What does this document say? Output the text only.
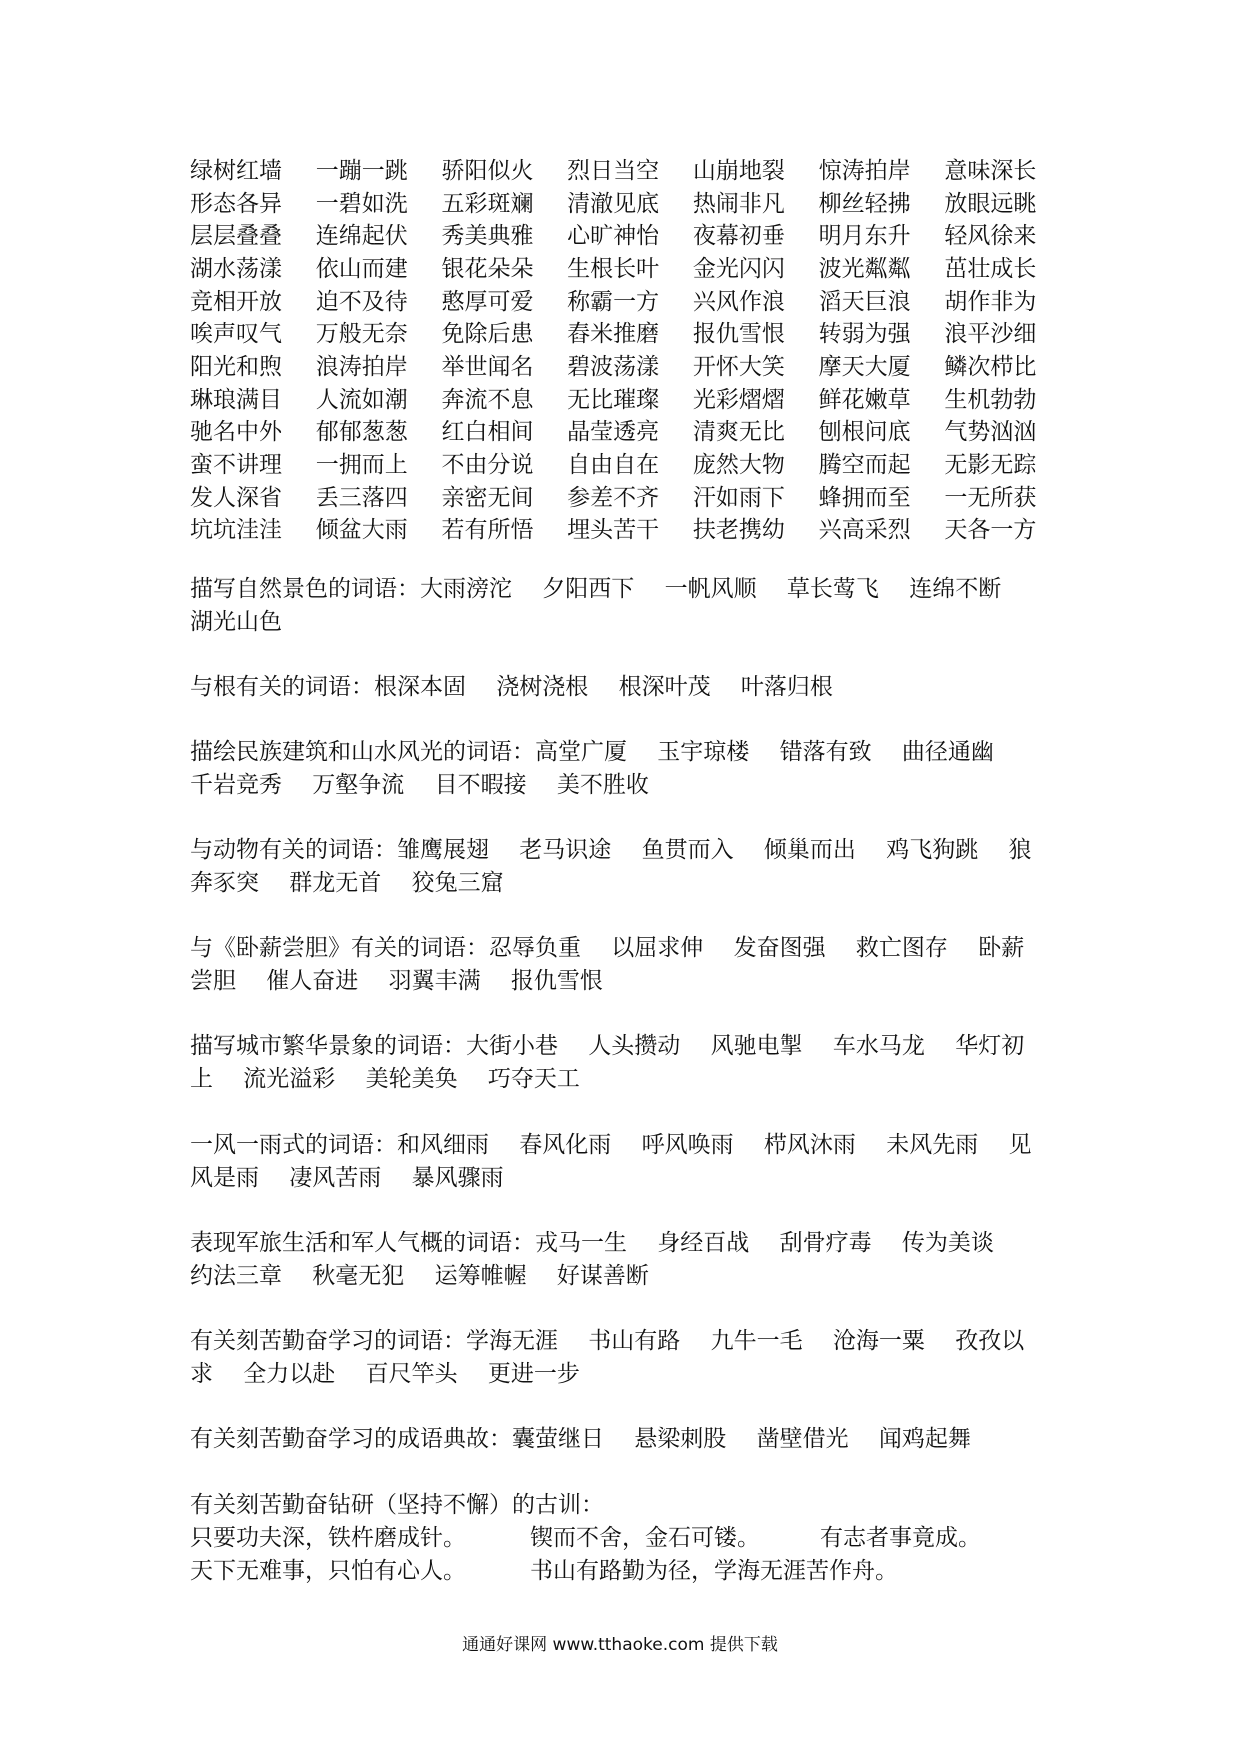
绿树红墙	一蹦一跳	骄阳似火	烈日当空	山崩地裂	惊涛拍岸	意味深长
形态各异	一碧如洗	五彩斑斓	清澈见底	热闹非凡	柳丝轻拂	放眼远眺
层层叠叠	连绵起伏	秀美典雅	心旷神怡	夜幕初垂	明月东升	轻风徐来
湖水荡漾	依山而建	银花朵朵	生根长叶	金光闪闪	波光粼粼	茁壮成长
竞相开放	迫不及待	憨厚可爱	称霸一方	兴风作浪	滔天巨浪	胡作非为
唉声叹气	万般无奈	免除后患	舂米推磨	报仇雪恨	转弱为强	浪平沙细
阳光和煦	浪涛拍岸	举世闻名	碧波荡漾	开怀大笑	摩天大厦	鳞次栉比
琳琅满目	人流如潮	奔流不息	无比璀璨	光彩熠熠	鲜花嫩草	生机勃勃
驰名中外	郁郁葱葱	红白相间	晶莹透亮	清爽无比	刨根问底	气势汹汹
蛮不讲理	一拥而上	不由分说	自由自在	庞然大物	腾空而起	无影无踪
发人深省	丢三落四	亲密无间	参差不齐	汗如雨下	蜂拥而至	一无所获
坑坑洼洼	倾盆大雨	若有所悟	埋头苦干	扶老携幼	兴高采烈	天各一方
描写自然景色的词语：大雨滂沱　 夕阳西下　 一帆风顺　 草长莺飞　 连绵不断
湖光山色
与根有关的词语：根深本固　 浇树浇根　 根深叶茂　 叶落归根
描绘民族建筑和山水风光的词语：高堂广厦　 玉宇琼楼　 错落有致　 曲径通幽
千岩竞秀　 万壑争流　 目不暇接　 美不胜收
与动物有关的词语：雏鹰展翅　 老马识途　 鱼贯而入　 倾巢而出　 鸡飞狗跳　 狼
奔豕突　 群龙无首　 狡兔三窟
与《卧薪尝胆》有关的词语：忍辱负重　 以屈求伸　 发奋图强　 救亡图存　 卧薪
尝胆　 催人奋进　 羽翼丰满　 报仇雪恨
描写城市繁华景象的词语：大街小巷　 人头攒动　 风驰电掣　 车水马龙　 华灯初
上　 流光溢彩　 美轮美奂　 巧夺天工
一风一雨式的词语：和风细雨　 春风化雨　 呼风唤雨　 栉风沐雨　 未风先雨　 见
风是雨　 凄风苦雨　 暴风骤雨
表现军旅生活和军人气概的词语：戎马一生　 身经百战　 刮骨疗毒　 传为美谈
约法三章　 秋毫无犯　 运筹帷幄　 好谋善断
有关刻苦勤奋学习的词语：学海无涯　 书山有路　 九牛一毛　 沧海一粟　 孜孜以
求　 全力以赴　 百尺竿头　 更进一步
有关刻苦勤奋学习的成语典故：囊萤继日　 悬梁刺股　 凿壁借光　 闻鸡起舞
有关刻苦勤奋钻研（坚持不懈）的古训：
只要功夫深，铁杵磨成针。	锲而不舍，金石可镂。	有志者事竟成。
天下无难事，只怕有心人。	书山有路勤为径，学海无涯苦作舟。
通通好课网 www.tthaoke.com 提供下载
